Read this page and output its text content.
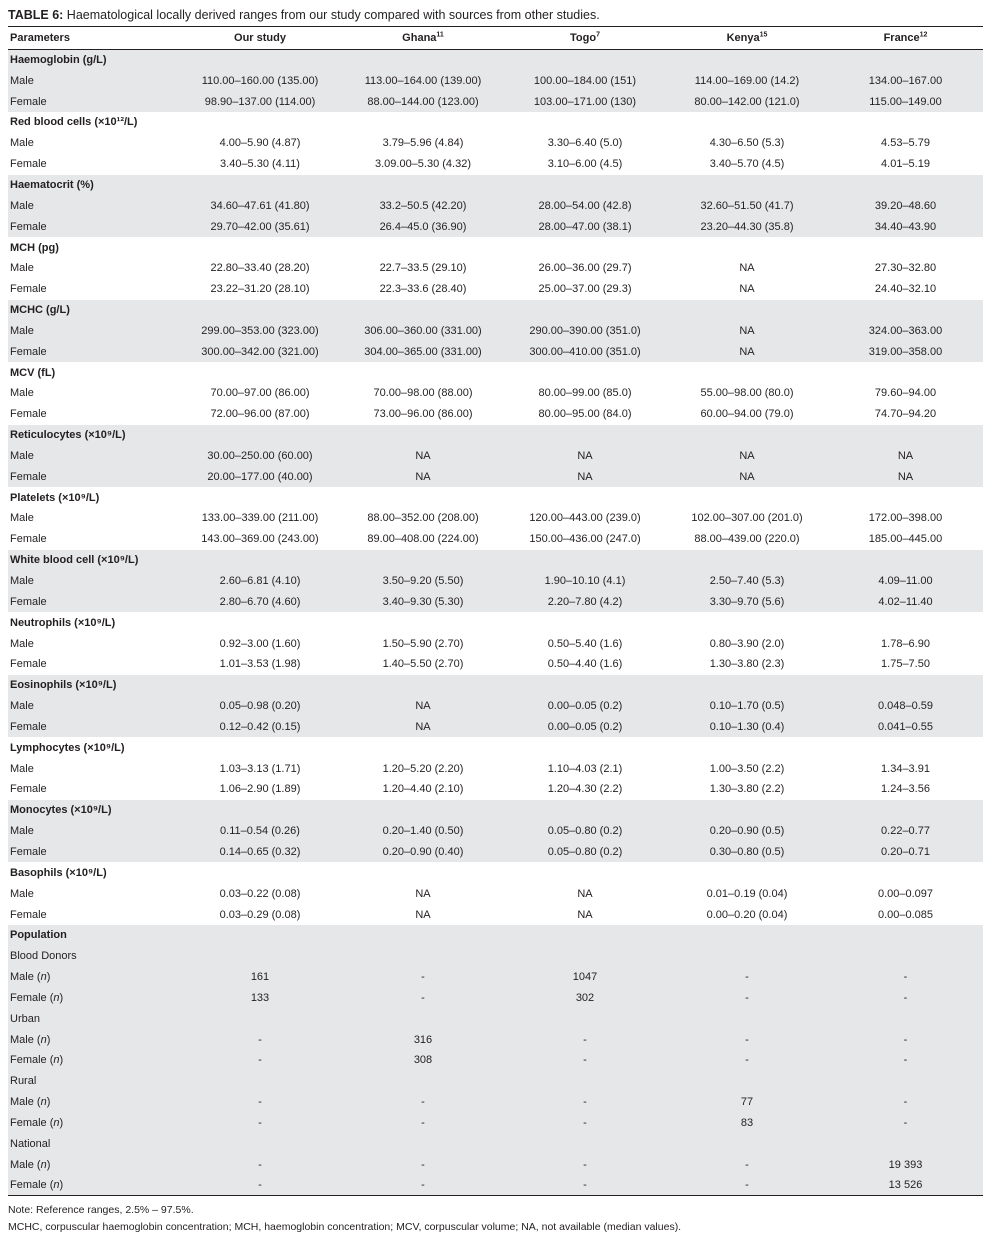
TABLE 6: Haematological locally derived ranges from our study compared with sources from other studies.
Parameters	Our study	Ghana$^{11}$	Togo$^7$	Kenya$^{15}$	France$^{12}$
Haemoglobin (g/L)					
Male	110.00–160.00 (135.00)	113.00–164.00 (139.00)	100.00–184.00 (151)	114.00–169.00 (14.2)	134.00–167.00
Female	98.90–137.00 (114.00)	88.00–144.00 (123.00)	103.00–171.00 (130)	80.00–142.00 (121.0)	115.00–149.00
Red blood cells (×10¹²/L)					
Male	4.00–5.90 (4.87)	3.79–5.96 (4.84)	3.30–6.40 (5.0)	4.30–6.50 (5.3)	4.53–5.79
Female	3.40–5.30 (4.11)	3.09.00–5.30 (4.32)	3.10–6.00 (4.5)	3.40–5.70 (4.5)	4.01–5.19
Haematocrit (%)					
Male	34.60–47.61 (41.80)	33.2–50.5 (42.20)	28.00–54.00 (42.8)	32.60–51.50 (41.7)	39.20–48.60
Female	29.70–42.00 (35.61)	26.4–45.0 (36.90)	28.00–47.00 (38.1)	23.20–44.30 (35.8)	34.40–43.90
MCH (pg)					
Male	22.80–33.40 (28.20)	22.7–33.5 (29.10)	26.00–36.00 (29.7)	NA	27.30–32.80
Female	23.22–31.20 (28.10)	22.3–33.6 (28.40)	25.00–37.00 (29.3)	NA	24.40–32.10
MCHC (g/L)					
Male	299.00–353.00 (323.00)	306.00–360.00 (331.00)	290.00–390.00 (351.0)	NA	324.00–363.00
Female	300.00–342.00 (321.00)	304.00–365.00 (331.00)	300.00–410.00 (351.0)	NA	319.00–358.00
MCV (fL)					
Male	70.00–97.00 (86.00)	70.00–98.00 (88.00)	80.00–99.00 (85.0)	55.00–98.00 (80.0)	79.60–94.00
Female	72.00–96.00 (87.00)	73.00–96.00 (86.00)	80.00–95.00 (84.0)	60.00–94.00 (79.0)	74.70–94.20
Reticulocytes (×10⁹/L)					
Male	30.00–250.00 (60.00)	NA	NA	NA	NA
Female	20.00–177.00 (40.00)	NA	NA	NA	NA
Platelets (×10⁹/L)					
Male	133.00–339.00 (211.00)	88.00–352.00 (208.00)	120.00–443.00 (239.0)	102.00–307.00 (201.0)	172.00–398.00
Female	143.00–369.00 (243.00)	89.00–408.00 (224.00)	150.00–436.00 (247.0)	88.00–439.00 (220.0)	185.00–445.00
White blood cell (×10⁹/L)					
Male	2.60–6.81 (4.10)	3.50–9.20 (5.50)	1.90–10.10 (4.1)	2.50–7.40 (5.3)	4.09–11.00
Female	2.80–6.70 (4.60)	3.40–9.30 (5.30)	2.20–7.80 (4.2)	3.30–9.70 (5.6)	4.02–11.40
Neutrophils (×10⁹/L)					
Male	0.92–3.00 (1.60)	1.50–5.90 (2.70)	0.50–5.40 (1.6)	0.80–3.90 (2.0)	1.78–6.90
Female	1.01–3.53 (1.98)	1.40–5.50 (2.70)	0.50–4.40 (1.6)	1.30–3.80 (2.3)	1.75–7.50
Eosinophils (×10⁹/L)					
Male	0.05–0.98 (0.20)	NA	0.00–0.05 (0.2)	0.10–1.70 (0.5)	0.048–0.59
Female	0.12–0.42 (0.15)	NA	0.00–0.05 (0.2)	0.10–1.30 (0.4)	0.041–0.55
Lymphocytes (×10⁹/L)					
Male	1.03–3.13 (1.71)	1.20–5.20 (2.20)	1.10–4.03 (2.1)	1.00–3.50 (2.2)	1.34–3.91
Female	1.06–2.90 (1.89)	1.20–4.40 (2.10)	1.20–4.30 (2.2)	1.30–3.80 (2.2)	1.24–3.56
Monocytes (×10⁹/L)					
Male	0.11–0.54 (0.26)	0.20–1.40 (0.50)	0.05–0.80 (0.2)	0.20–0.90 (0.5)	0.22–0.77
Female	0.14–0.65 (0.32)	0.20–0.90 (0.40)	0.05–0.80 (0.2)	0.30–0.80 (0.5)	0.20–0.71
Basophils (×10⁹/L)					
Male	0.03–0.22 (0.08)	NA	NA	0.01–0.19 (0.04)	0.00–0.097
Female	0.03–0.29 (0.08)	NA	NA	0.00–0.20 (0.04)	0.00–0.085
Population					
Blood Donors					
Male (n)	161	-	1047	-	-
Female (n)	133	-	302	-	-
Urban					
Male (n)	-	316	-	-	-
Female (n)	-	308	-	-	-
Rural					
Male (n)	-	-	-	77	-
Female (n)	-	-	-	83	-
National					
Male (n)	-	-	-	-	19 393
Female (n)	-	-	-	-	13 526
Note: Reference ranges, 2.5% – 97.5%.
MCHC, corpuscular haemoglobin concentration; MCH, haemoglobin concentration; MCV, corpuscular volume; NA, not available (median values).
